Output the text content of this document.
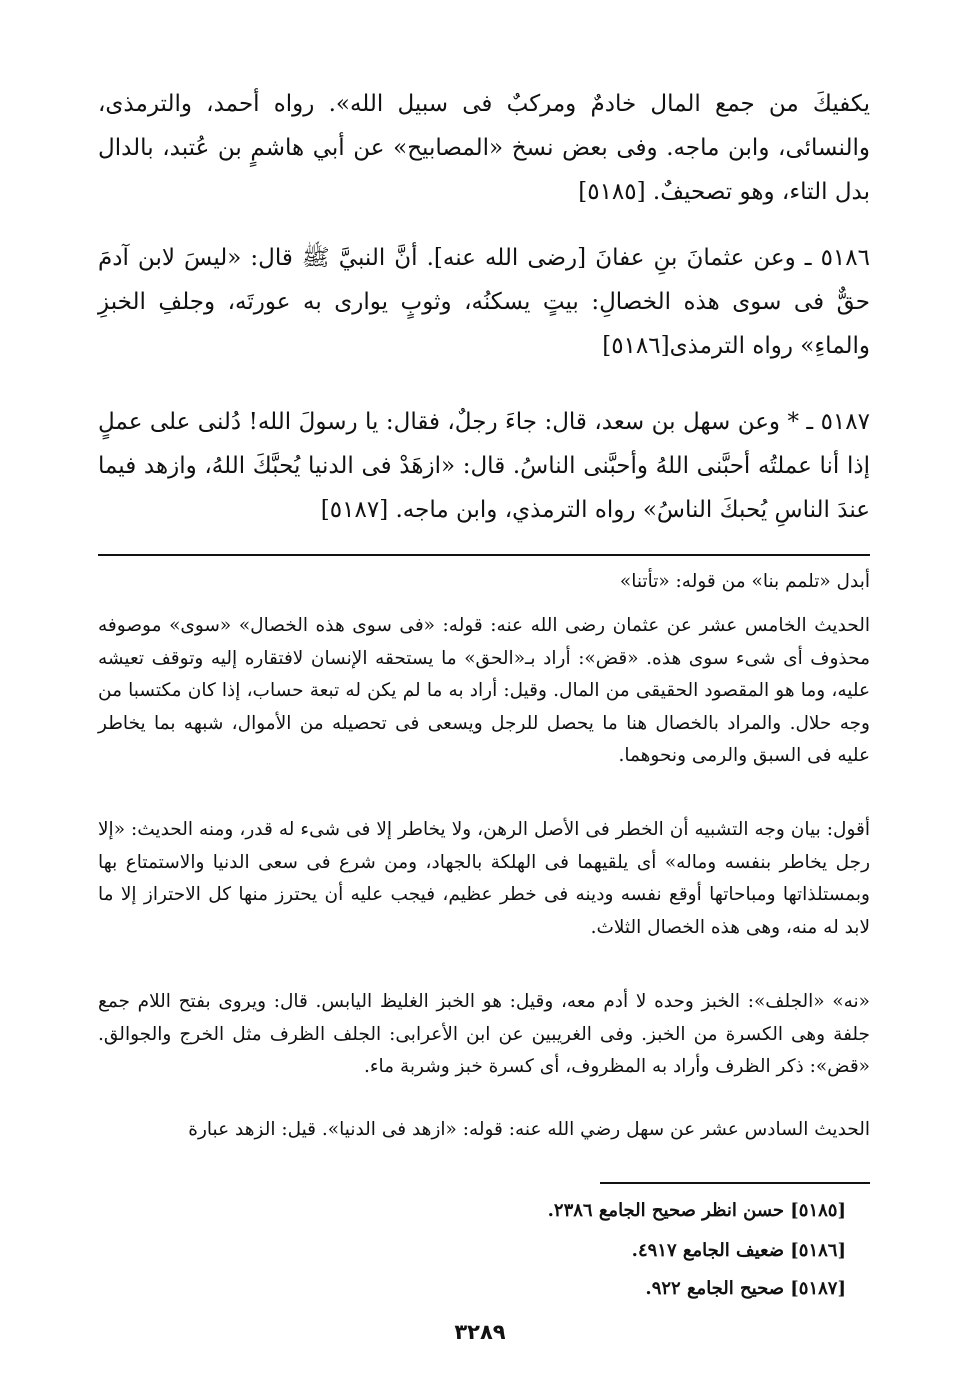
يكفيكَ من جمع المال خادمٌ ومركبٌ فى سبيل الله». رواه أحمد، والترمذى، والنسائى، وابن ماجه. وفى بعض نسخ «المصابيح» عن أبي هاشمٍ بن عُتبد، بالدال بدل التاء، وهو تصحيفٌ. [٥١٨٥]
٥١٨٦ ـ وعن عثمانَ بنِ عفانَ [رضى الله عنه]. أنَّ النبيَّ ﷺ قال: «ليسَ لابن آدمَ حقٌّ فى سوى هذه الخصالِ: بيتٍ يسكنُه، وثوبٍ يوارى به عورتَه، وجلفِ الخبزِ والماءِ» رواه الترمذى[٥١٨٦]
٥١٨٧ ـ * وعن سهل بن سعد، قال: جاءَ رجلٌ، فقال: يا رسولَ الله! دُلنى على عملٍ إذا أنا عملتُه أحبَّنى اللهُ وأحبَّنى الناسُ. قال: «ازهَدْ فى الدنيا يُحبَّكَ اللهُ، وازهد فيما عندَ الناسِ يُحبكَ الناسُ» رواه الترمذي، وابن ماجه. [٥١٨٧]
أبدل «تلمم بنا» من قوله: «تأتنا»
الحديث الخامس عشر عن عثمان رضى الله عنه: قوله: «فى سوى هذه الخصال» «سوى» موصوفه محذوف أى شىء سوى هذه. «قض»: أراد بـ«الحق» ما يستحقه الإنسان لافتقاره إليه وتوقف تعيشه عليه، وما هو المقصود الحقيقى من المال. وقيل: أراد به ما لم يكن له تبعة حساب، إذا كان مكتسبا من وجه حلال. والمراد بالخصال هنا ما يحصل للرجل ويسعى فى تحصيله من الأموال، شبهه بما يخاطر عليه فى السبق والرمى ونحوهما.
أقول: بيان وجه التشبيه أن الخطر فى الأصل الرهن، ولا يخاطر إلا فى شىء له قدر، ومنه الحديث: «إلا رجل يخاطر بنفسه وماله» أى يلقيهما فى الهلكة بالجهاد، ومن شرع فى سعى الدنيا والاستمتاع بها وبمستلذاتها ومباحاتها أوقع نفسه ودينه فى خطر عظيم، فيجب عليه أن يحترز منها كل الاحتراز إلا ما لابد له منه، وهى هذه الخصال الثلاث.
«نه» «الجلف»: الخبز وحده لا أدم معه، وقيل: هو الخبز الغليظ اليابس. قال: ويروى بفتح اللام جمع جلفة وهى الكسرة من الخبز. وفى الغريبين عن ابن الأعرابى: الجلف الظرف مثل الخرج والجوالق. «قض»: ذكر الظرف وأراد به المظروف، أى كسرة خبز وشربة ماء.
الحديث السادس عشر عن سهل رضي الله عنه: قوله: «ازهد فى الدنيا». قيل: الزهد عبارة
[٥١٨٥] حسن انظر صحيح الجامع ٢٣٨٦.
[٥١٨٦] ضعيف الجامع ٤٩١٧.
[٥١٨٧] صحيح الجامع ٩٢٢.
٣٢٨٩
